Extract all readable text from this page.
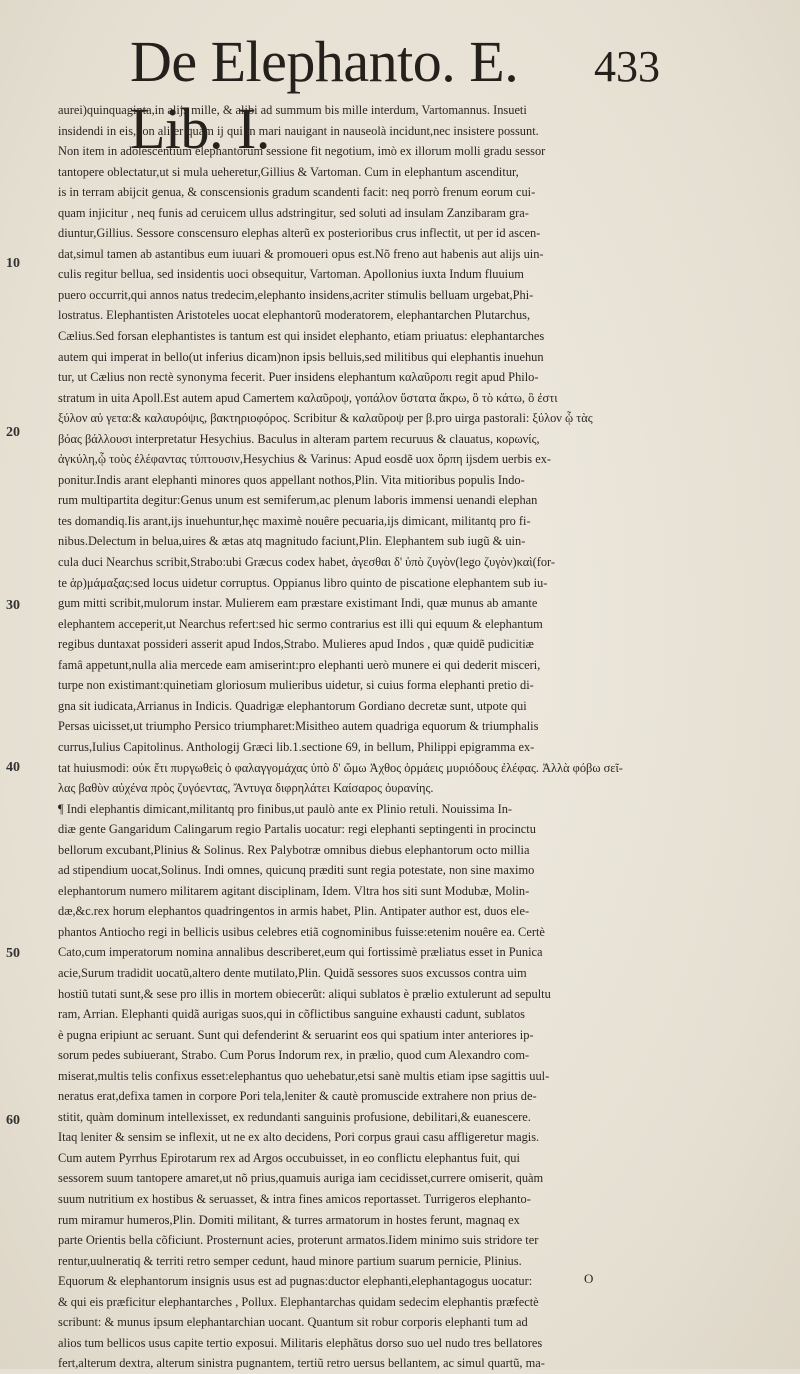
De Elephanto. E. Lib. I.
433
10
20
30
40
50
60
aurei)quinquaginta,in alijs mille, & alibi ad summum bis mille interdum, Vartomannus. Insueti
insidendi in eis,non aliter quàm ij qui in mari nauigant in nauseolà incidunt,nec insistere possunt.
Non item in adolescentium elephantorum sessione fit negotium, imò ex illorum molli gradu sessor
tantopere oblectatur,ut si mula ueheretur,Gillius & Vartoman. Cum in elephantum ascenditur,
is in terram abijcit genua, & conscensionis gradum scandenti facit: neq porrò frenum eorum cui-
quam injicitur , neq funis ad ceruicem ullus adstringitur, sed soluti ad insulam Zanzibaram gra-
diuntur,Gillius. Sessore conscensuro elephas alterũ ex posterioribus crus inflectit, ut per id ascen-
dat,simul tamen ab astantibus eum iuuari & promoueri opus est.Nõ freno aut habenis aut alijs uin-
culis regitur bellua, sed insidentis uoci obsequitur, Vartoman. Apollonius iuxta Indum fluuium
puero occurrit,qui annos natus tredecim,elephanto insidens,acriter stimulis belluam urgebat,Phi-
lostratus. Elephantisten Aristoteles uocat elephantorũ moderatorem, elephantarchen Plutarchus,
Cælius.Sed forsan elephantistes is tantum est qui insidet elephanto, etiam priuatus: elephantarches
autem qui imperat in bello(ut inferius dicam)non ipsis belluis,sed militibus qui elephantis inuehun
tur, ut Cælius non rectè synonyma fecerit. Puer insidens elephantum καλαῦροπι regit apud Philo-
stratum in uita Apoll.Est autem apud Camertem καλαῦροψ, γοπάλον ὕστατα ἄκρω, ὃ τὸ κάτω, ὃ ἐστι
ξύλον αὐ γετα:& καλαυρόψις, βακτηριοφόρος. Scribitur & καλαῦροψ per β.pro uirga pastorali: ξύλον ᾧ τὰς
βόας βάλλουσι interpretatur Hesychius. Baculus in alteram partem recuruus & clauatus, κορωνίς,
ἀγκύλη,ᾧ τοὺς ἐλέφαντας τύπτουσιν,Hesychius & Varinus: Apud eosdẽ uox ὄρπη ijsdem uerbis ex-
ponitur.Indis arant elephanti minores quos appellant nothos,Plin. Vita mitioribus populis Indo-
rum multipartita degitur:Genus unum est semiferum,ac plenum laboris immensi uenandi elephan
tes domandiq.Iis arant,ijs inuehuntur,hęc maximè nouêre pecuaria,ijs dimicant, militantq pro fi-
nibus.Delectum in belua,uires & ætas atq magnitudo faciunt,Plin. Elephantem sub iugũ & uin-
cula duci Nearchus scribit,Strabo:ubi Græcus codex habet, ἀγεσθαι δ' ὑπὸ ζυγὸν(lego ζυγὸν)καὶ(for-
te ἁρ)μάμαξας:sed locus uidetur corruptus. Oppianus libro quinto de piscatione elephantem sub iu-
gum mitti scribit,mulorum instar. Mulierem eam præstare existimant Indi, quæ munus ab amante
elephantem acceperit,ut Nearchus refert:sed hic sermo contrarius est illi qui equum & elephantum
regibus duntaxat possideri asserit apud Indos,Strabo. Mulieres apud Indos , quæ quidẽ pudicitiæ
famâ appetunt,nulla alia mercede eam amiserint:pro elephanti uerò munere ei qui dederit misceri,
turpe non existimant:quinetiam gloriosum mulieribus uidetur, si cuius forma elephanti pretio di-
gna sit iudicata,Arrianus in Indicis. Quadrigæ elephantorum Gordiano decretæ sunt, utpote qui
Persas uicisset,ut triumpho Persico triumpharet:Misitheo autem quadriga equorum & triumphalis
currus,Iulius Capitolinus. Anthologij Græci lib.1.sectione 69, in bellum, Philippi epigramma ex-
tat huiusmodi: οὐκ ἔτι πυργωθεὶς ὁ φαλαγγομάχας ὑπὸ δ' ὤμω Ἀχθος ὁρμάεις μυριόδους ἐλέφας. Ἀλλὰ φόβω σεῖ-
λας βαθὺν αὐχένα πρὸς ζυγόεντας, Ἄντυγα διφρηλάτει Καίσαρος ὀυρανίης.
¶ Indi elephantis dimicant,militantq pro finibus,ut paulò ante ex Plinio retuli. Nouissima In-
diæ gente Gangaridum Calingarum regio Partalis uocatur: regi elephanti septingenti in procinctu
bellorum excubant,Plinius & Solinus. Rex Palybotræ omnibus diebus elephantorum octo millia
ad stipendium uocat,Solinus. Indi omnes, quicunq præditi sunt regia potestate, non sine maximo
elephantorum numero militarem agitant disciplinam, Idem. Vltra hos siti sunt Modubæ, Molin-
dæ,&c.rex horum elephantos quadringentos in armis habet, Plin. Antipater author est, duos ele-
phantos Antiocho regi in bellicis usibus celebres etiã cognominibus fuisse:etenim nouêre ea. Certè
Cato,cum imperatorum nomina annalibus describeret,eum qui fortissimè præliatus esset in Punica
acie,Surum tradidit uocatũ,altero dente mutilato,Plin. Quidã sessores suos excussos contra uim
hostiũ tutati sunt,& sese pro illis in mortem obiecerũt: aliqui sublatos è prælio extulerunt ad sepultu
ram, Arrian. Elephanti quidã aurigas suos,qui in cõflictibus sanguine exhausti cadunt, sublatos
è pugna eripiunt ac seruant. Sunt qui defenderint & seruarint eos qui spatium inter anteriores ip-
sorum pedes subiuerant, Strabo. Cum Porus Indorum rex, in prælio, quod cum Alexandro com-
miserat,multis telis confixus esset:elephantus quo uehebatur,etsi sanè multis etiam ipse sagittis uul-
neratus erat,defixa tamen in corpore Pori tela,leniter & cautè promuscide extrahere non prius de-
stitit, quàm dominum intellexisset, ex redundanti sanguinis profusione, debilitari,& euanescere.
Itaq leniter & sensim se inflexit, ut ne ex alto decidens, Pori corpus graui casu affligeretur magis.
Cum autem Pyrrhus Epirotarum rex ad Argos occubuisset, in eo conflictu elephantus fuit, qui
sessorem suum tantopere amaret,ut nõ prius,quamuis auriga iam cecidisset,currere omiserit, quàm
suum nutritium ex hostibus & seruasset, & intra fines amicos reportasset. Turrigeros elephanto-
rum miramur humeros,Plin. Domiti militant, & turres armatorum in hostes ferunt, magnaq ex
parte Orientis bella cõficiunt. Prosternunt acies, proterunt armatos.Iidem minimo suis stridore ter
rentur,uulneratiq & territi retro semper cedunt, haud minore partium suarum pernicie, Plinius.
Equorum & elephantorum insignis usus est ad pugnas:ductor elephanti,elephantagogus uocatur:
& qui eis præficitur elephantarches , Pollux. Elephantarchas quidam sedecim elephantis præfectè
scribunt: & munus ipsum elephantarchian uocant. Quantum sit robur corporis elephanti tum ad
alios tum bellicos usus capite tertio exposui. Militaris elephãtus dorso suo uel nudo tres bellatores
fert,alterum dextra, alterum sinistra pugnantem, tertiũ retro uersus bellantem, ac simul quartũ, ma-
O
